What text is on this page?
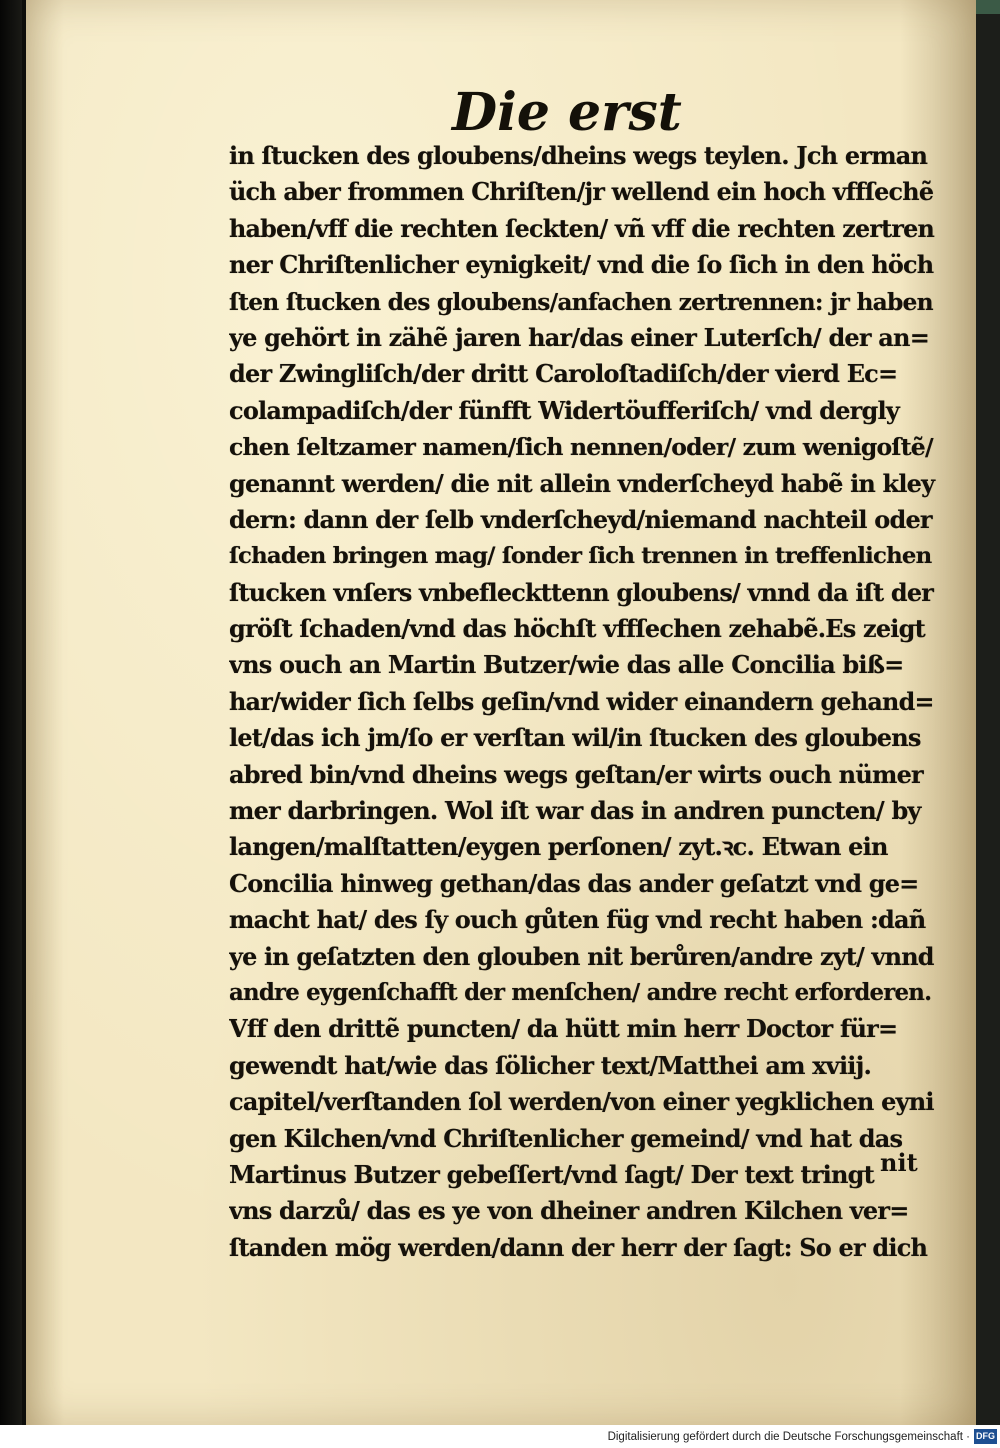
Die erst
in ſtucken des gloubens/dheins wegs teylen. Jch erman
üch aber frommen Chriſten/jr wellend ein hoch vffſechẽ
haben/vff die rechten ſeckten/ vñ vff die rechten zertren
ner Chriſtenlicher eynigkeit/ vnd die ſo ſich in den höch
ſten ſtucken des gloubens/anfachen zertrennen: jr haben
ye gehört in zähẽ jaren har/das einer Luterſch/ der an=
der Zwingliſch/der dritt Caroloſtadiſch/der vierd Ec=
colampadiſch/der fünfft Widertöufferiſch/ vnd dergly
chen ſeltzamer namen/ſich nennen/oder/ zum wenigoſtẽ/
genannt werden/ die nit allein vnderſcheyd habẽ in kley
dern: dann der ſelb vnderſcheyd/niemand nachteil oder
ſchaden bringen mag/ ſonder ſich trennen in treffenlichen
ſtucken vnſers vnbefleckttenn gloubens/ vnnd da iſt der
gröſt ſchaden/vnd das höchſt vffſechen zehabẽ.Es zeigt
vns ouch an Martin Butzer/wie das alle Concilia biß=
har/wider ſich ſelbs geſin/vnd wider einandern gehand=
let/das ich jm/ſo er verſtan wil/in ſtucken des gloubens
abred bin/vnd dheins wegs geſtan/er wirts ouch nümer
mer darbringen. Wol iſt war das in andren puncten/ by
langen/malſtatten/eygen perſonen/ zyt.ꝛc. Etwan ein
Concilia hinweg gethan/das das ander geſatzt vnd ge=
macht hat/ des ſy ouch gůten füg vnd recht haben :dañ
ye in geſatzten den glouben nit berůren/andre zyt/ vnnd
andre eygenſchafft der menſchen/ andre recht erforderen.
Vff den drittẽ puncten/ da hütt min herr Doctor für=
gewendt hat/wie das ſölicher text/Matthei am xviij.
capitel/verſtanden ſol werden/von einer yegklichen eyni
gen Kilchen/vnd Chriſtenlicher gemeind/ vnd hat das
Martinus Butzer gebeſſert/vnd ſagt/ Der text tringt
vns darzů/ das es ye von dheiner andren Kilchen ver=
ſtanden mög werden/dann der herr der ſagt: So er dich
nit
Digitalisierung gefördert durch die Deutsche Forschungsgemeinschaft · DFG
